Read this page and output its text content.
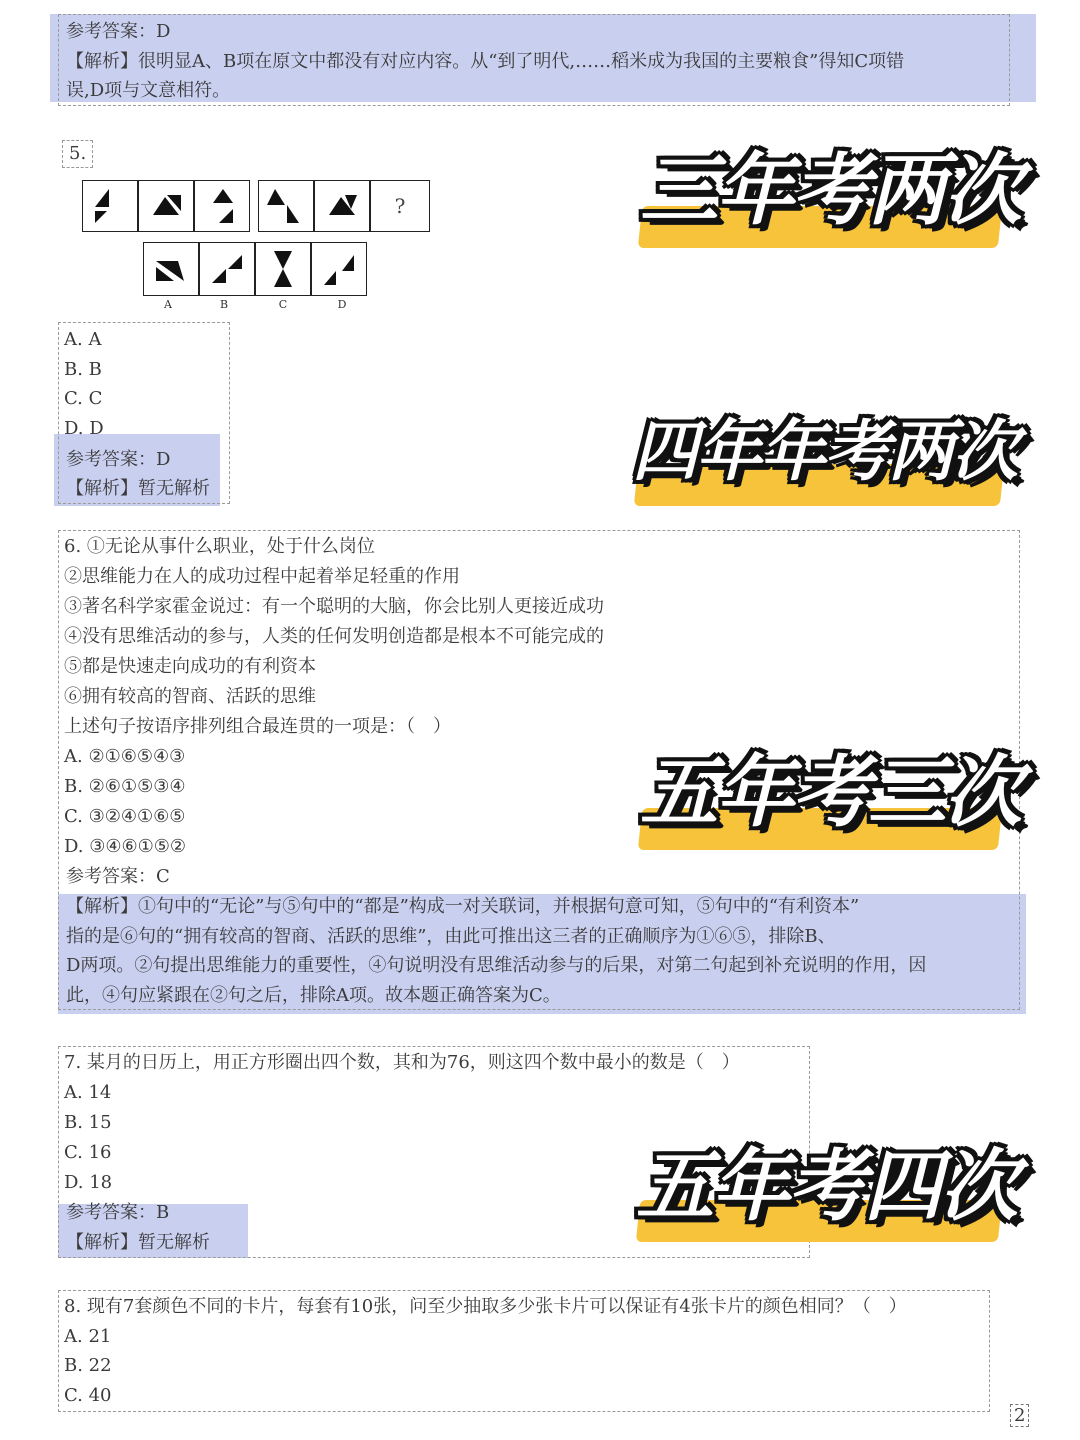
参考答案：D
【解析】很明显A、B项在原文中都没有对应内容。从“到了明代,……稻米成为我国的主要粮食”得知C项错
误,D项与文意相符。
5.
?
A	B	C	D
A. A
B. B
C. C
D. D
参考答案：D
【解析】暂无解析
6. ①无论从事什么职业，处于什么岗位
②思维能力在人的成功过程中起着举足轻重的作用
③著名科学家霍金说过：有一个聪明的大脑，你会比别人更接近成功
④没有思维活动的参与，人类的任何发明创造都是根本不可能完成的
⑤都是快速走向成功的有利资本
⑥拥有较高的智商、活跃的思维
上述句子按语序排列组合最连贯的一项是：（　）
A. ②①⑥⑤④③
B. ②⑥①⑤③④
C. ③②④①⑥⑤
D. ③④⑥①⑤②
参考答案：C
【解析】①句中的“无论”与⑤句中的“都是”构成一对关联词，并根据句意可知，⑤句中的“有利资本”
指的是⑥句的“拥有较高的智商、活跃的思维”，由此可推出这三者的正确顺序为①⑥⑤，排除B、
D两项。②句提出思维能力的重要性，④句说明没有思维活动参与的后果，对第二句起到补充说明的作用，因
此，④句应紧跟在②句之后，排除A项。故本题正确答案为C。
7. 某月的日历上，用正方形圈出四个数，其和为76，则这四个数中最小的数是（　）
A. 14
B. 15
C. 16
D. 18
参考答案：B
【解析】暂无解析
8. 现有7套颜色不同的卡片，每套有10张，问至少抽取多少张卡片可以保证有4张卡片的颜色相同？（　）
A. 21
B. 22
C. 40
2
三年考两次
四年年考两次
五年考三次
五年考四次
